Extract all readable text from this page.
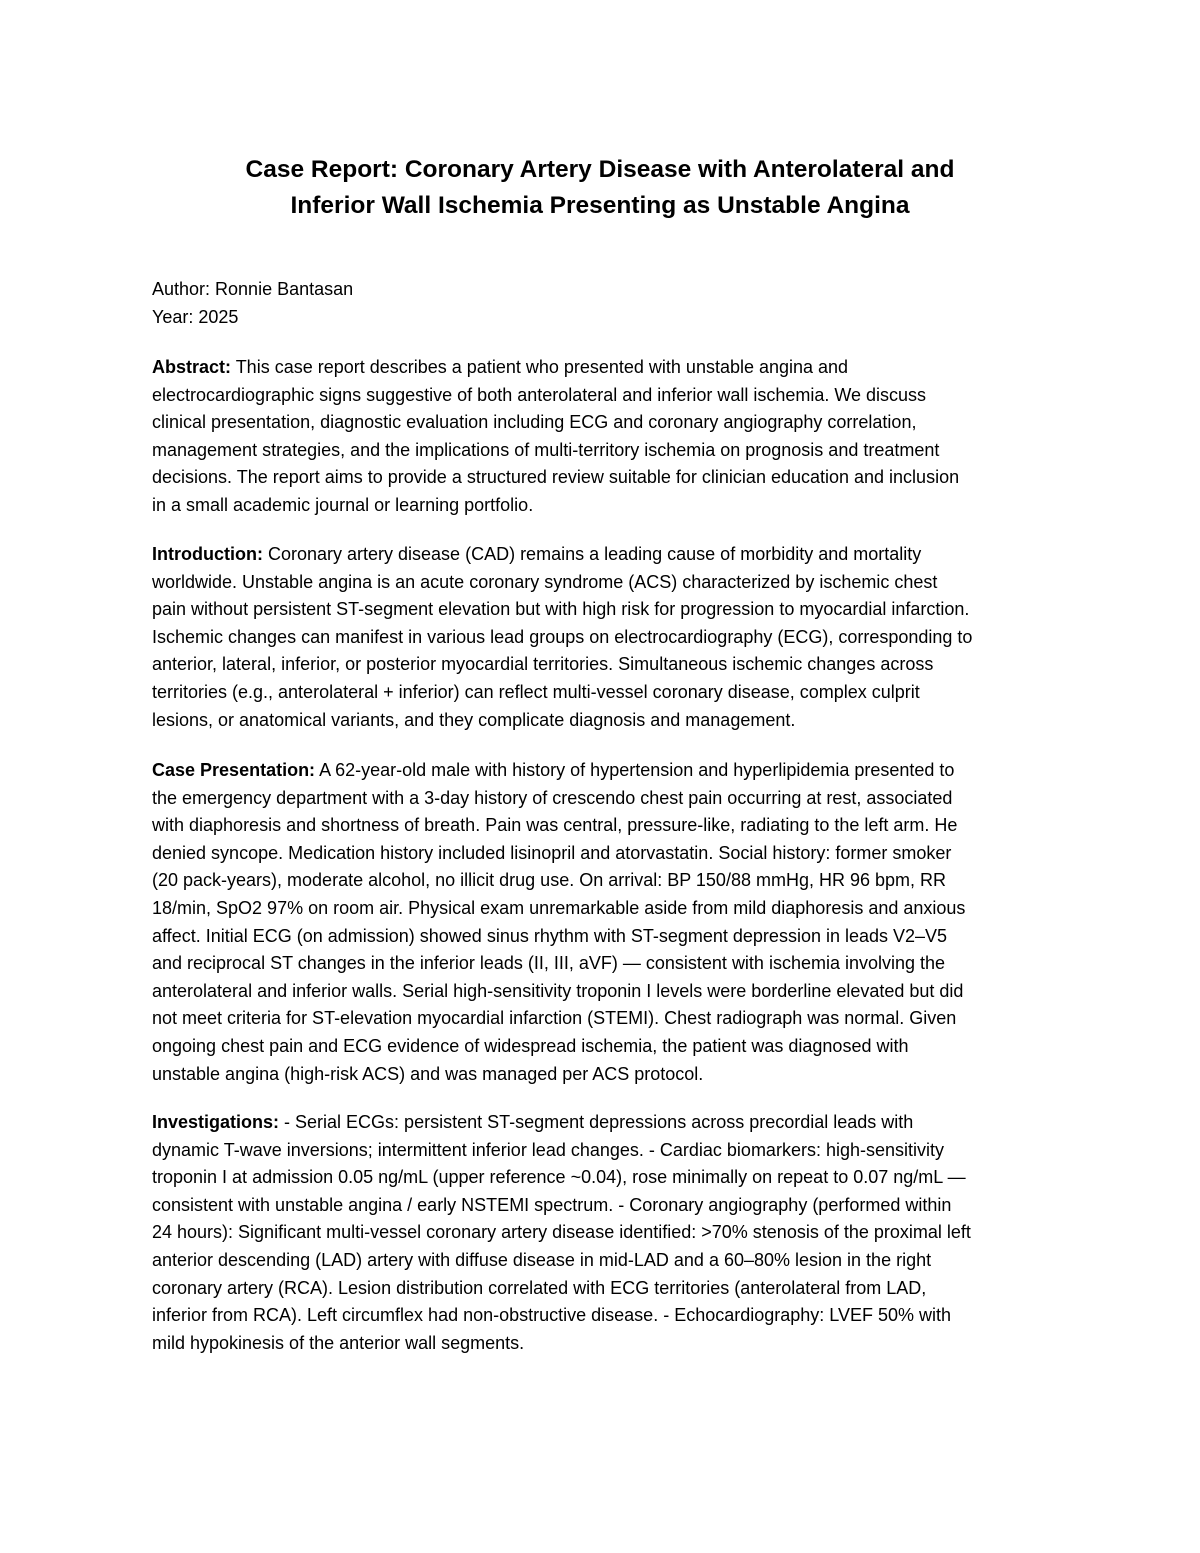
Case Report: Coronary Artery Disease with Anterolateral and
Inferior Wall Ischemia Presenting as Unstable Angina
Author: Ronnie Bantasan
Year: 2025
Abstract: This case report describes a patient who presented with unstable angina and
electrocardiographic signs suggestive of both anterolateral and inferior wall ischemia. We discuss
clinical presentation, diagnostic evaluation including ECG and coronary angiography correlation,
management strategies, and the implications of multi-territory ischemia on prognosis and treatment
decisions. The report aims to provide a structured review suitable for clinician education and inclusion
in a small academic journal or learning portfolio.
Introduction: Coronary artery disease (CAD) remains a leading cause of morbidity and mortality
worldwide. Unstable angina is an acute coronary syndrome (ACS) characterized by ischemic chest
pain without persistent ST-segment elevation but with high risk for progression to myocardial infarction.
Ischemic changes can manifest in various lead groups on electrocardiography (ECG), corresponding to
anterior, lateral, inferior, or posterior myocardial territories. Simultaneous ischemic changes across
territories (e.g., anterolateral + inferior) can reflect multi-vessel coronary disease, complex culprit
lesions, or anatomical variants, and they complicate diagnosis and management.
Case Presentation: A 62-year-old male with history of hypertension and hyperlipidemia presented to
the emergency department with a 3-day history of crescendo chest pain occurring at rest, associated
with diaphoresis and shortness of breath. Pain was central, pressure-like, radiating to the left arm. He
denied syncope. Medication history included lisinopril and atorvastatin. Social history: former smoker
(20 pack-years), moderate alcohol, no illicit drug use. On arrival: BP 150/88 mmHg, HR 96 bpm, RR
18/min, SpO2 97% on room air. Physical exam unremarkable aside from mild diaphoresis and anxious
affect. Initial ECG (on admission) showed sinus rhythm with ST-segment depression in leads V2–V5
and reciprocal ST changes in the inferior leads (II, III, aVF) — consistent with ischemia involving the
anterolateral and inferior walls. Serial high-sensitivity troponin I levels were borderline elevated but did
not meet criteria for ST-elevation myocardial infarction (STEMI). Chest radiograph was normal. Given
ongoing chest pain and ECG evidence of widespread ischemia, the patient was diagnosed with
unstable angina (high-risk ACS) and was managed per ACS protocol.
Investigations: - Serial ECGs: persistent ST-segment depressions across precordial leads with
dynamic T-wave inversions; intermittent inferior lead changes. - Cardiac biomarkers: high-sensitivity
troponin I at admission 0.05 ng/mL (upper reference ~0.04), rose minimally on repeat to 0.07 ng/mL —
consistent with unstable angina / early NSTEMI spectrum. - Coronary angiography (performed within
24 hours): Significant multi-vessel coronary artery disease identified: >70% stenosis of the proximal left
anterior descending (LAD) artery with diffuse disease in mid-LAD and a 60–80% lesion in the right
coronary artery (RCA). Lesion distribution correlated with ECG territories (anterolateral from LAD,
inferior from RCA). Left circumflex had non-obstructive disease. - Echocardiography: LVEF 50% with
mild hypokinesis of the anterior wall segments.
